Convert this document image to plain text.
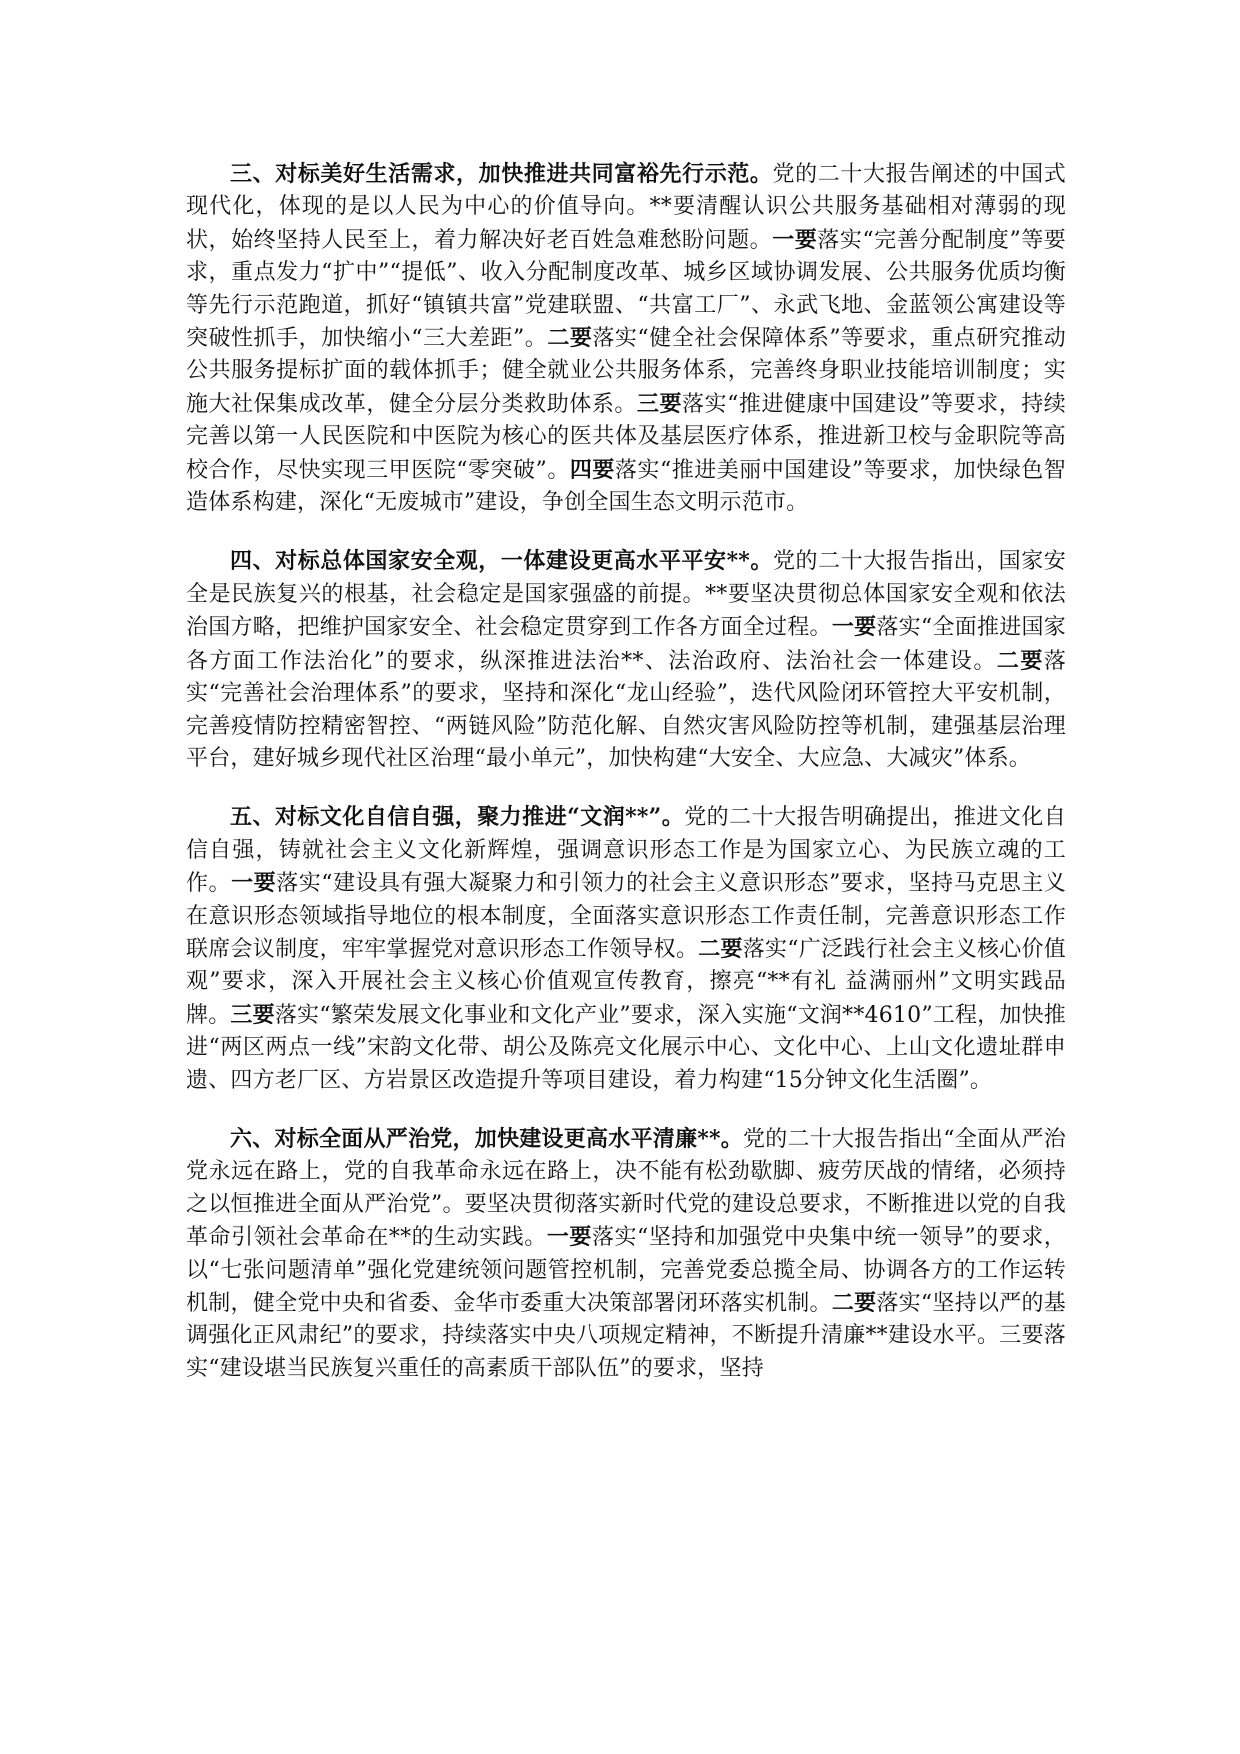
三、对标美好生活需求，加快推进共同富裕先行示范。党的二十大报告阐述的中国式现代化，体现的是以人民为中心的价值导向。**要清醒认识公共服务基础相对薄弱的现状，始终坚持人民至上，着力解决好老百姓急难愁盼问题。一要落实“完善分配制度”等要求，重点发力“扩中”“提低”、收入分配制度改革、城乡区域协调发展、公共服务优质均衡等先行示范跑道，抓好“镇镇共富”党建联盟、“共富工厂”、永武飞地、金蓝领公寓建设等突破性抓手，加快缩小“三大差距”。二要落实“健全社会保障体系”等要求，重点研究推动公共服务提标扩面的载体抓手；健全就业公共服务体系，完善终身职业技能培训制度；实施大社保集成改革，健全分层分类救助体系。三要落实“推进健康中国建设”等要求，持续完善以第一人民医院和中医院为核心的医共体及基层医疗体系，推进新卫校与金职院等高校合作，尽快实现三甲医院“零突破”。四要落实“推进美丽中国建设”等要求，加快绿色智造体系构建，深化“无废城市”建设，争创全国生态文明示范市。

四、对标总体国家安全观，一体建设更高水平平安**。党的二十大报告指出，国家安全是民族复兴的根基，社会稳定是国家强盛的前提。**要坚决贯彻总体国家安全观和依法治国方略，把维护国家安全、社会稳定贯穿到工作各方面全过程。一要落实“全面推进国家各方面工作法治化”的要求，纵深推进法治**、法治政府、法治社会一体建设。二要落实“完善社会治理体系”的要求，坚持和深化“龙山经验”，迭代风险闭环管控大平安机制，完善疫情防控精密智控、“两链风险”防范化解、自然灾害风险防控等机制，建强基层治理平台，建好城乡现代社区治理“最小单元”，加快构建“大安全、大应急、大减灾”体系。

五、对标文化自信自强，聚力推进“文润**”。党的二十大报告明确提出，推进文化自信自强，铸就社会主义文化新辉煌，强调意识形态工作是为国家立心、为民族立魂的工作。一要落实“建设具有强大凝聚力和引领力的社会主义意识形态”要求，坚持马克思主义在意识形态领域指导地位的根本制度，全面落实意识形态工作责任制，完善意识形态工作联席会议制度，牢牢掌握党对意识形态工作领导权。二要落实“广泛践行社会主义核心价值观”要求，深入开展社会主义核心价值观宣传教育，擦亮“**有礼 益满丽州”文明实践品牌。三要落实“繁荣发展文化事业和文化产业”要求，深入实施“文润**4610”工程，加快推进“两区两点一线”宋韵文化带、胡公及陈亮文化展示中心、文化中心、上山文化遗址群申遗、四方老厂区、方岩景区改造提升等项目建设，着力构建“15分钟文化生活圈”。

六、对标全面从严治党，加快建设更高水平清廉**。党的二十大报告指出“全面从严治党永远在路上，党的自我革命永远在路上，决不能有松劲歇脚、疲劳厌战的情绪，必须持之以恒推进全面从严治党”。要坚决贯彻落实新时代党的建设总要求，不断推进以党的自我革命引领社会革命在**的生动实践。一要落实“坚持和加强党中央集中统一领导”的要求，以“七张问题清单”强化党建统领问题管控机制，完善党委总揽全局、协调各方的工作运转机制，健全党中央和省委、金华市委重大决策部署闭环落实机制。二要落实“坚持以严的基调强化正风肃纪”的要求，持续落实中央八项规定精神，不断提升清廉**建设水平。三要落实“建设堪当民族复兴重任的高素质干部队伍”的要求，坚持
